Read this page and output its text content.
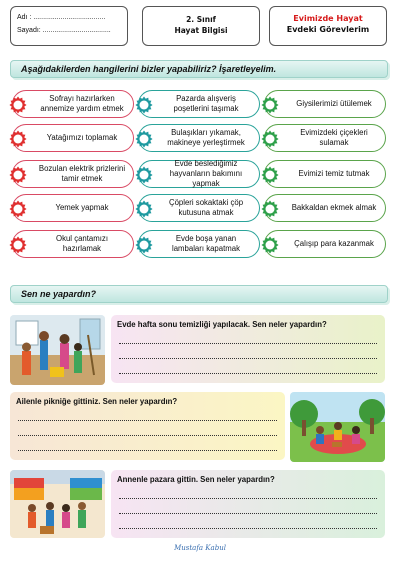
Adı : .....................................
Sayadı: ...................................
2. Sınıf
Hayat Bilgisi
Evimizde Hayat
Evdeki Görevlerim
Aşağıdakilerden hangilerini bizler yapabiliriz? İşaretleyelim.
Sofrayı hazırlarken annemize yardım etmek
Pazarda alışveriş poşetlerini taşımak
Giysilerimizi ütülemek
Yatağımızı toplamak
Bulaşıkları yıkamak, makineye yerleştirmek
Evimizdeki çiçekleri sulamak
Bozulan elektrik prizlerini tamir etmek
Evde beslediğimiz hayvanların bakımını yapmak
Evimizi temiz tutmak
Yemek yapmak
Çöpleri sokaktaki çöp kutusuna atmak
Bakkaldan ekmek almak
Okul çantamızı hazırlamak
Evde boşa yanan lambaları kapatmak
Çalışıp para kazanmak
Sen ne yapardın?
Evde hafta sonu temizliği yapılacak. Sen neler yapardın?
Ailenle pikniğe gittiniz. Sen neler yapardın?
Annenle pazara gittin. Sen neler yapardın?
Mustafa Kabul
